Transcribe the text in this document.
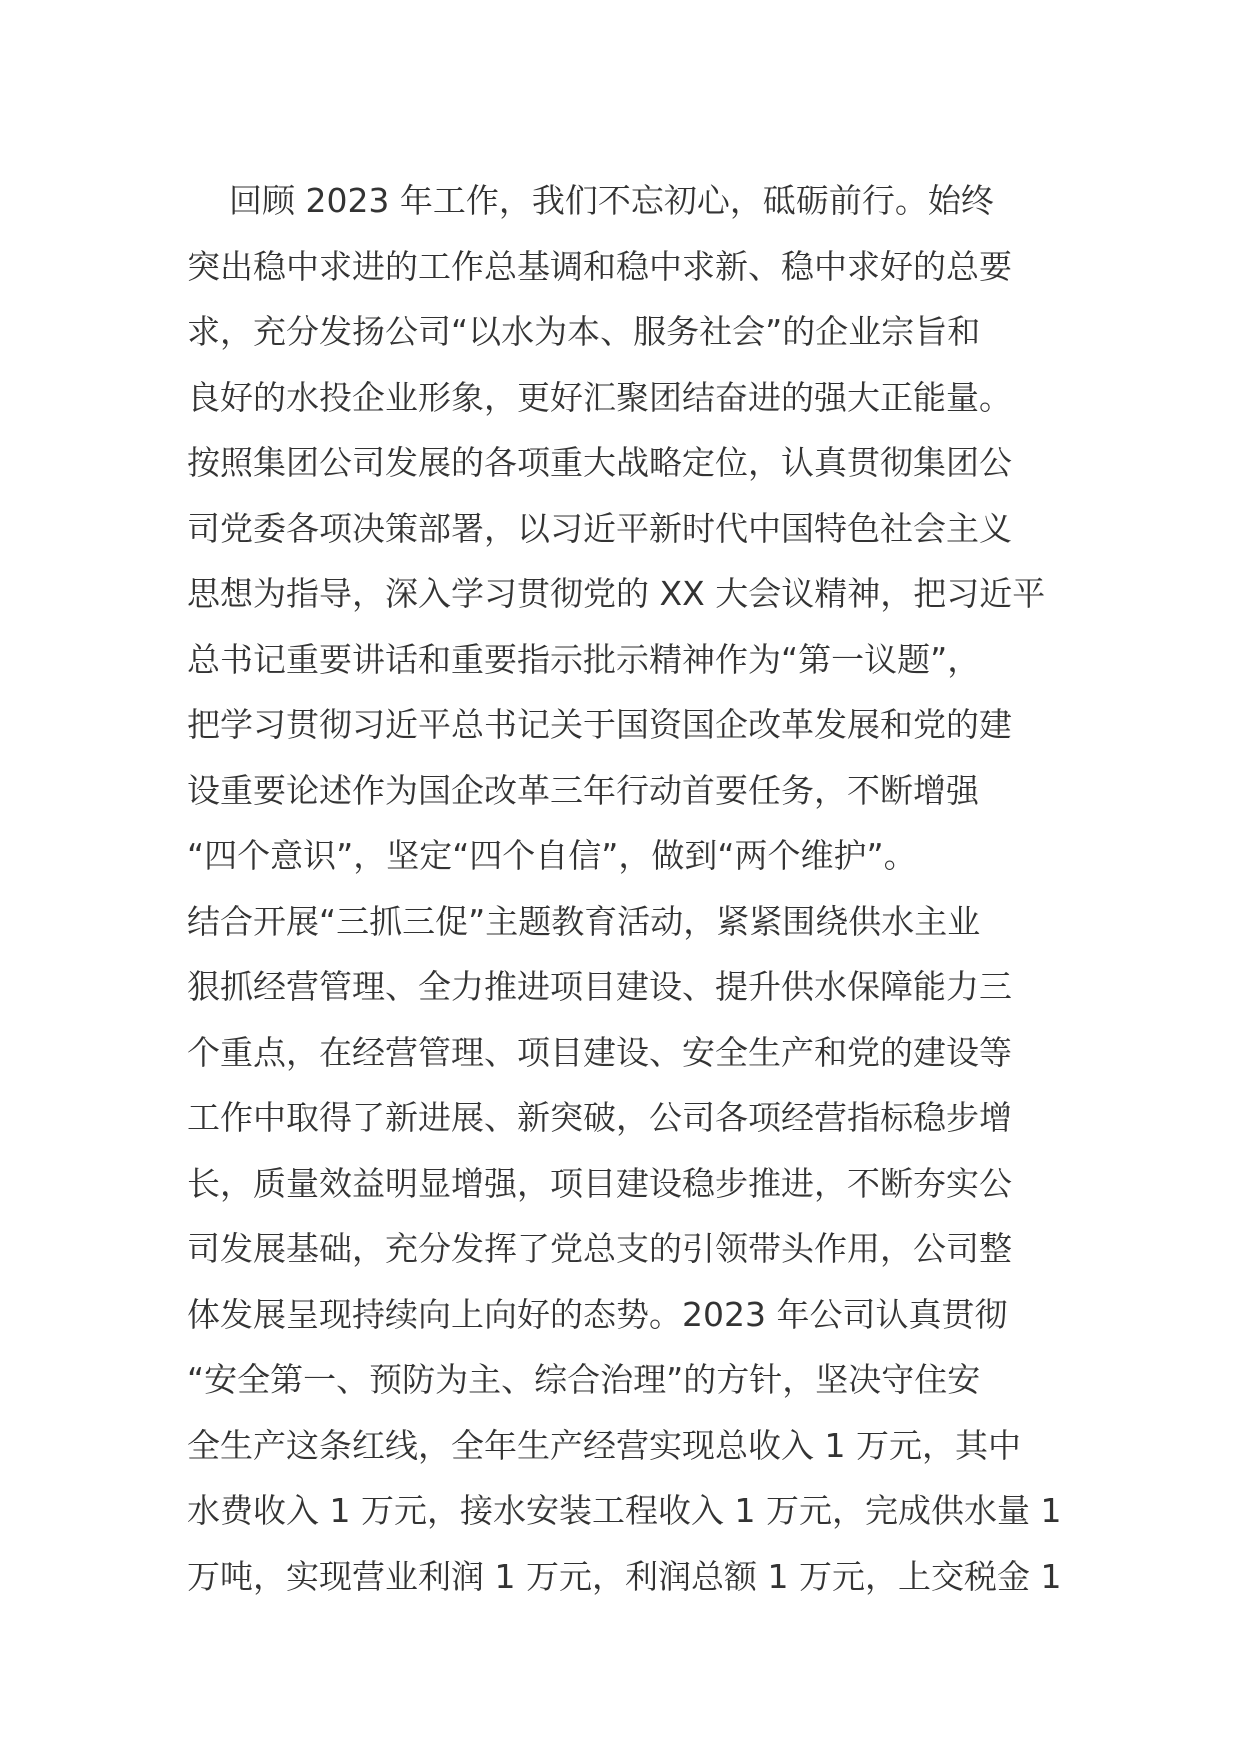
回顾 2023 年工作，我们不忘初心，砥砺前行。始终
突出稳中求进的工作总基调和稳中求新、稳中求好的总要
求，充分发扬公司“以水为本、服务社会”的企业宗旨和
良好的水投企业形象，更好汇聚团结奋进的强大正能量。
按照集团公司发展的各项重大战略定位，认真贯彻集团公
司党委各项决策部署，以习近平新时代中国特色社会主义
思想为指导，深入学习贯彻党的 XX 大会议精神，把习近平
总书记重要讲话和重要指示批示精神作为“第一议题”，
把学习贯彻习近平总书记关于国资国企改革发展和党的建
设重要论述作为国企改革三年行动首要任务，不断增强
“四个意识”，坚定“四个自信”，做到“两个维护”。
结合开展“三抓三促”主题教育活动，紧紧围绕供水主业
狠抓经营管理、全力推进项目建设、提升供水保障能力三
个重点，在经营管理、项目建设、安全生产和党的建设等
工作中取得了新进展、新突破，公司各项经营指标稳步增
长，质量效益明显增强，项目建设稳步推进，不断夯实公
司发展基础，充分发挥了党总支的引领带头作用，公司整
体发展呈现持续向上向好的态势。2023 年公司认真贯彻
“安全第一、预防为主、综合治理”的方针，坚决守住安
全生产这条红线，全年生产经营实现总收入 1 万元，其中
水费收入 1 万元，接水安装工程收入 1 万元，完成供水量 1
万吨，实现营业利润 1 万元，利润总额 1 万元，上交税金 1
